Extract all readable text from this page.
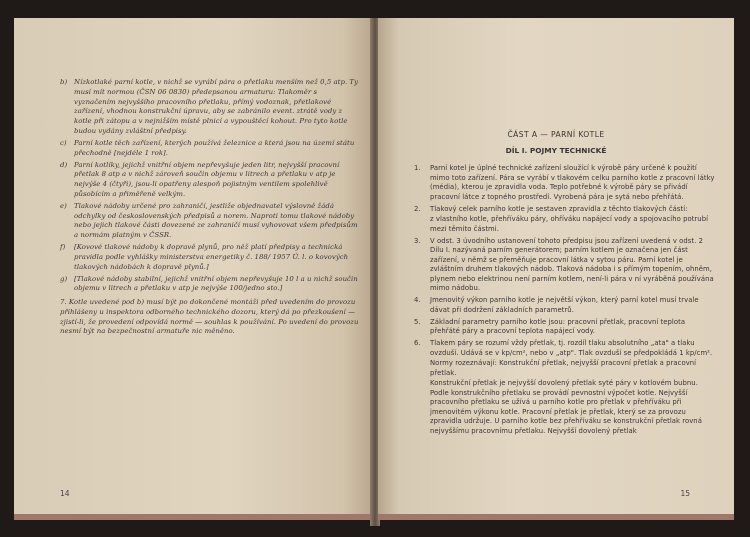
b) Nízkotlaké parní kotle, v nichž se vyrábí pára o přetlaku menším než 0,5 atp. Ty musí mít normou (ČSN 06 0830) předepsanou armaturu: Tlakoměr s vyznačením nejvyššího pracovního přetlaku, přímý vodoznak, přetlakové zařízení, vhodnou konstrukční úpravu, aby se zabránilo event. ztrátě vody z kotle při zátopu a v nejnižším místě plnicí a vypouštěcí kohout. Pro tyto kotle budou vydány zvláštní předpisy.
c) Parní kotle těch zařízení, kterých používá železnice a která jsou na území státu přechodně [nejdéle 1 rok].
d) Parní kotlíky, jejichž vnitřní objem nepřevyšuje jeden litr, nejvyšší pracovní přetlak 8 atp a v nichž zároveň součin objemu v litrech a přetlaku v atp je nejvýše 4 (čtyři), jsou-li opatřeny alespoň pojistným ventilem spolehlivě působícím a přiměřeně velkým.
e) Tlakové nádoby určené pro zahraničí, jestliže objednavatel výslovně žádá odchylky od československých předpisů a norem. Naproti tomu tlakové nádoby nebo jejich tlakové části dovezené ze zahraničí musí vyhovovat všem předpisům a normám platným v ČSSR.
f) [Kovové tlakové nádoby k dopravě plynů, pro něž platí předpisy a technická pravidla podle vyhlášky ministerstva energetiky č. 188/ 1957 Ú. l. o kovových tlakových nádobách k dopravě plynů.]
g) [Tlakové nádoby stabilní, jejichž vnitřní objem nepřevyšuje 10 l a u nichž součin objemu v litrech a přetlaku v atp je nejvýše 100/jedno sto.]
7. Kotle uvedené pod b) musí být po dokončené montáži před uvedením do provozu přihlášeny u inspektora odborného technického dozoru, který dá po přezkoušení — zjistí-li, že provedení odpovídá normě — souhlas k používání. Po uvedení do provozu nesmí být na bezpečnostní armatuře nic měněno.
14
ČÁST A — PARNÍ KOTLE
DÍL I. POJMY TECHNICKÉ
1. Parní kotel je úplné technické zařízení sloužící k výrobě páry určené k použití mimo toto zařízení. Pára se vyrábí v tlakovém celku parního kotle z pracovní látky (média), kterou je zpravidla voda. Teplo potřebné k výrobě páry se přivádí pracovní látce z topného prostředí. Vyrobená pára je sytá nebo přehřátá.
2. Tlakový celek parního kotle je sestaven zpravidla z těchto tlakových částí:
z vlastního kotle, přehříváku páry, ohříváku napájecí vody a spojovacího potrubí mezi těmito částmi.
3. V odst. 3 úvodního ustanovení tohoto předpisu jsou zařízení uvedená v odst. 2 Dílu I. nazývaná parním generátorem; parním kotlem je označena jen část zařízení, v němž se přeměňuje pracovní látka v sytou páru. Parní kotel je zvláštním druhem tlakových nádob. Tlaková nádoba i s přímým topením, ohněm, plynem nebo elektrinou není parním kotlem, není-li pára v ní vyráběná používána mimo nádobu.
4. Jmenovitý výkon parního kotle je největší výkon, který parní kotel musí trvale dávat při dodržení základních parametrů.
5. Základní parametry parního kotle jsou: pracovní přetlak, pracovní teplota přehřáté páry a pracovní teplota napájecí vody.
6. Tlakem páry se rozumí vždy přetlak, tj. rozdíl tlaku absolutního „ata" a tlaku ovzduší. Udává se v kp/cm², nebo v „atp". Tlak ovzduší se předpokládá 1 kp/cm².
Normy rozeznávají: Konstrukční přetlak, nejvyšší pracovní přetlak a pracovní přetlak.
Konstrukční přetlak je nejvyšší dovolený přetlak syté páry v kotlovém bubnu. Podle konstrukčního přetlaku se provádí pevnostní výpočet kotle. Nejvyšší pracovního přetlaku se užívá u parního kotle pro přetlak v přehříváku při jmenovitém výkonu kotle. Pracovní přetlak je přetlak, který se za provozu zpravidla udržuje. U parního kotle bez přehříváku se konstrukční přetlak rovná nejvyššímu pracovnímu přetlaku. Nejvyšší dovolený přetlak
15
